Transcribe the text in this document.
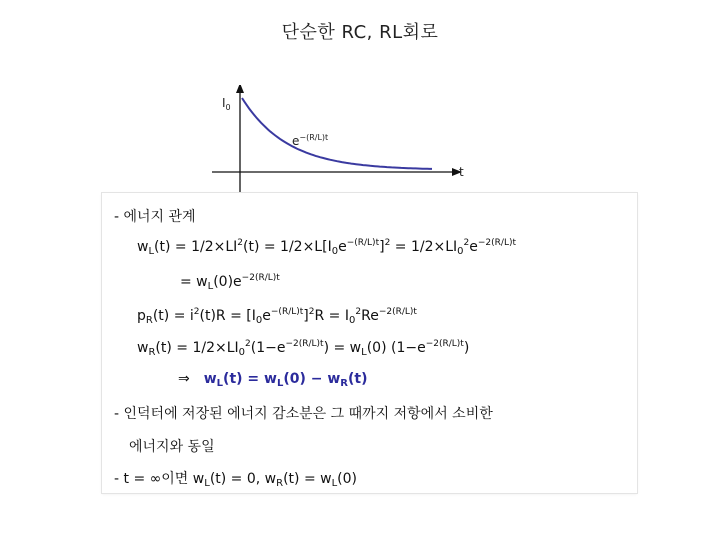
단순한 RC, RL회로
$I_0$
$e^{-(R/L)t}$
t
- 에너지 관계
$w_L(t) = 1/2\times LI^2(t) = 1/2\times L[I_0e^{-(R/L)t}]^2 = 1/2\times LI_0^2e^{-2(R/L)t}$
= $w_L(0)e^{-2(R/L)t}$
$p_R(t) = i^2(t)R = [I_0e^{-(R/L)t}]^2R = I_0^2Re^{-2(R/L)t}$
$w_R(t) = 1/2\times LI_0^2(1-e^{-2(R/L)t}) = w_L(0)$ $(1-e^{-2(R/L)t})$
⇒ $w_L(t) = w_L(0) - w_R(t)$
- 인덕터에 저장된 에너지 감소분은 그 때까지 저항에서 소비한
에너지와 동일
- t = ∞이면 $w_L(t) = 0$, $w_R(t) = w_L(0)$
